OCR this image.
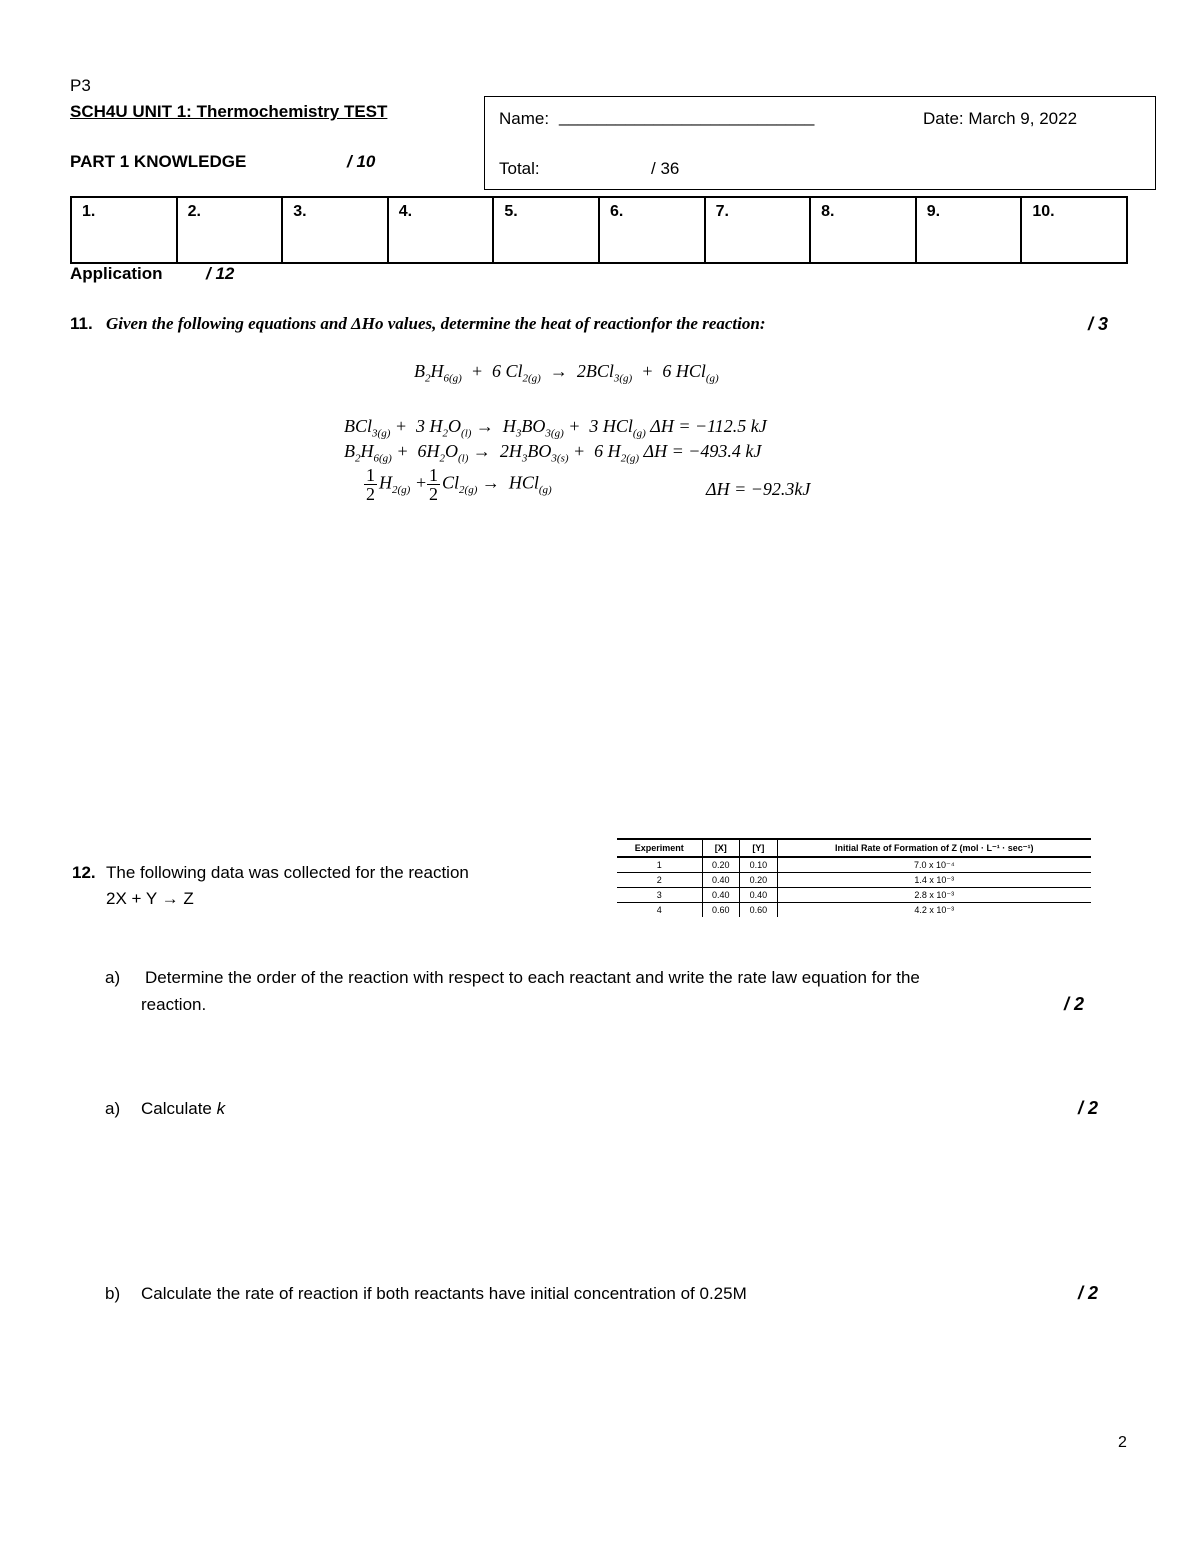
P3
SCH4U UNIT 1: Thermochemistry TEST
PART 1 KNOWLEDGE	/ 10
Name: ___________________________	Date: March 9, 2022
Total:	/ 36
1.	2.	3.	4.	5.	6.	7.	8.	9.	10.
Application	/ 12
11. Given the following equations and ΔHo values, determine the heat of reactionfor the reaction:	/ 3
$B_2H_{6(g)} + 6$ $Cl_{2(g)} \to 2BCl_{3(g)} + 6$ HCl$_{(g)}$
BCl$_{3(g)}$ +  3 $H_2O_{(l)} \to H_3BO_{3(g)} + 3$ HCl$_{(g)}$ ΔH = −112.5 kJ
$B_2H_{6(g)} + 6H_2O_{(l)} \to 2H_3BO_{3(s)} + 6$ $H_{2(g)}$ ΔH = −493.4 kJ
$\frac{1}{2} H_{2(g)} + \frac{1}{2} Cl_{2(g)} \to HCl_{(g)}$	ΔH = −92.3kJ
12. The following data was collected for the reaction
2X + Y → Z
Experiment	[X]	[Y]	Initial Rate of Formation of Z (mol · L⁻¹ · sec⁻¹)
1	0.20	0.10	7.0 x 10⁻⁴
2	0.40	0.20	1.4 x 10⁻³
3	0.40	0.40	2.8 x 10⁻³
4	0.60	0.60	4.2 x 10⁻³
a) Determine the order of the reaction with respect to each reactant and write the rate law equation for the
reaction.	/ 2
a) Calculate k	/ 2
b) Calculate the rate of reaction if both reactants have initial concentration of 0.25M	/ 2
2
